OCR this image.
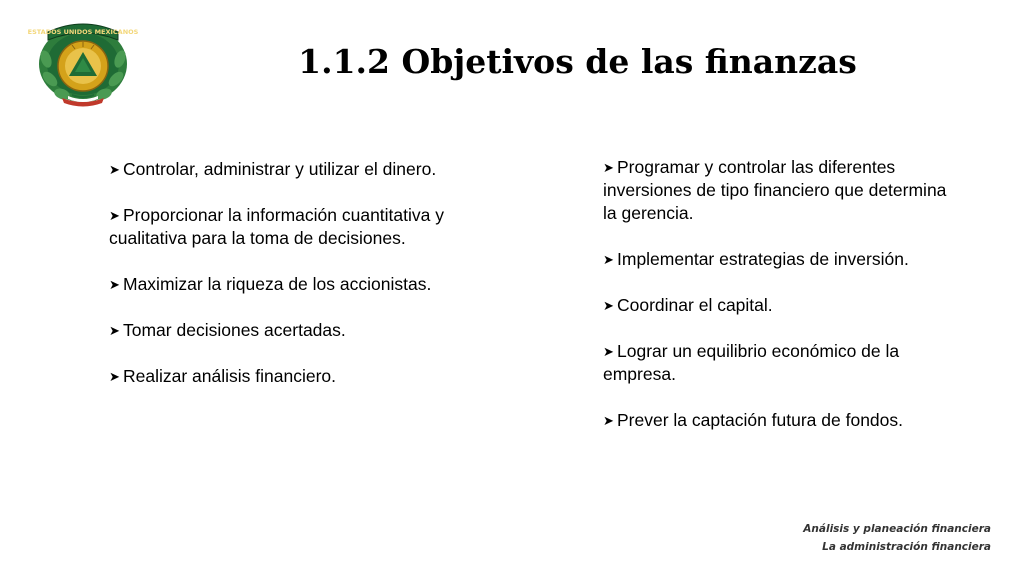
ESTADOS UNIDOS MEXICANOS
1.1.2 Objetivos de las finanzas
➤ Controlar, administrar y utilizar el dinero.
➤ Proporcionar la información cuantitativa y cualitativa para la toma de decisiones.
➤ Maximizar la riqueza de los accionistas.
➤ Tomar decisiones acertadas.
➤ Realizar análisis financiero.
➤ Programar y controlar las diferentes inversiones de tipo financiero que determina la gerencia.
➤ Implementar estrategias de inversión.
➤ Coordinar el capital.
➤ Lograr un equilibrio económico de la empresa.
➤ Prever la captación futura de fondos.
Análisis y planeación financiera
La administración financiera
